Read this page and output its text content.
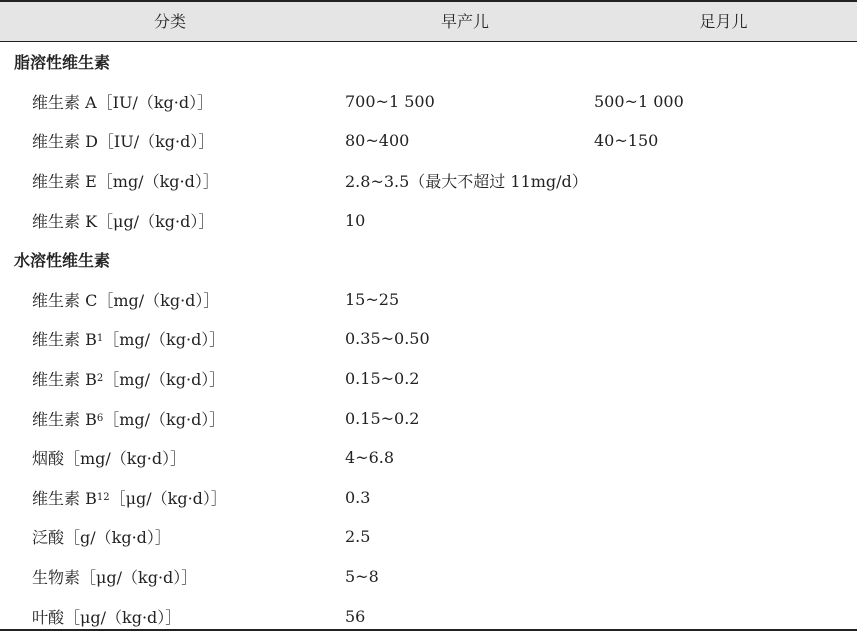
分类	早产儿	足月儿
脂溶性维生素
维生素 A［IU/（kg·d）］	700~1 500	500~1 000
维生素 D［IU/（kg·d）］	80~400	40~150
维生素 E［mg/（kg·d）］	2.8~3.5（最大不超过 11mg/d）
维生素 K［μg/（kg·d）］	10
水溶性维生素
维生素 C［mg/（kg·d）］	15~25
维生素 B 1 ［mg/（kg·d）］	0.35~0.50
维生素 B 2 ［mg/（kg·d）］	0.15~0.2
维生素 B 6 ［mg/（kg·d）］	0.15~0.2
烟酸［mg/（kg·d）］	4~6.8
维生素 B 12 ［μg/（kg·d）］	0.3
泛酸［g/（kg·d）］	2.5
生物素［μg/（kg·d）］	5~8
叶酸［μg/（kg·d）］	56
